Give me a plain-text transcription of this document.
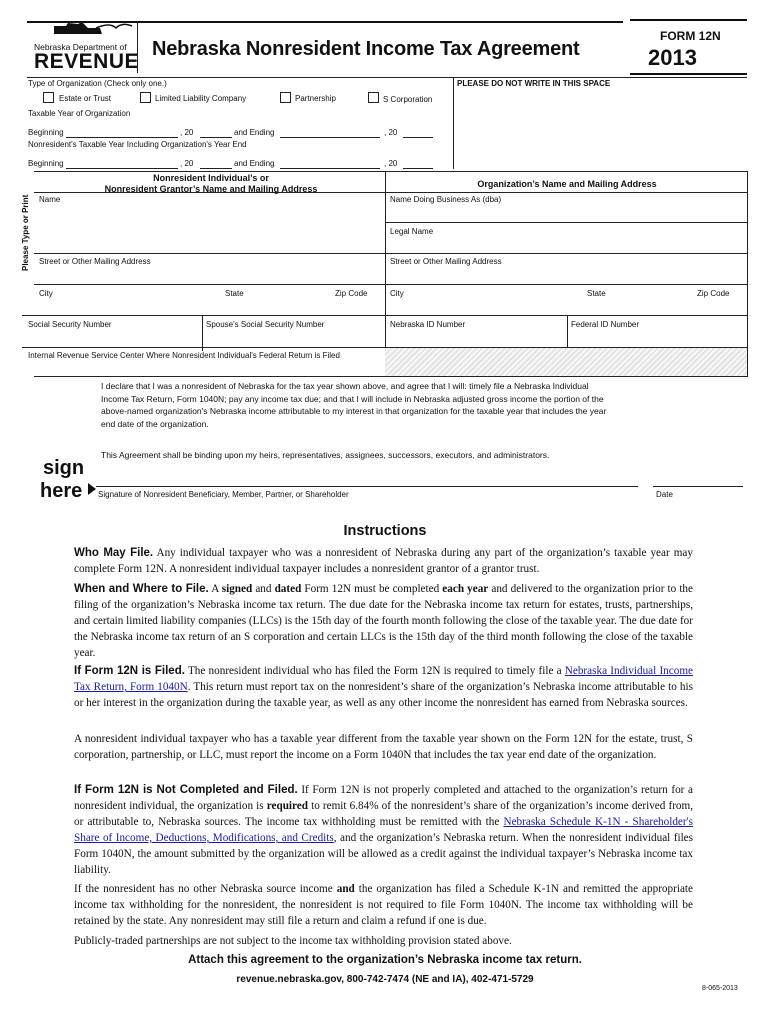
Nebraska Department of
REVENUE
Nebraska Nonresident Income Tax Agreement
FORM 12N
2013
Type of Organization (Check only one.)	PLEASE DO NOT WRITE IN THIS SPACE
Estate or Trust	Limited Liability Company	Partnership	S Corporation
Taxable Year of Organization
Beginning	, 20	and Ending	, 20
Nonresident's Taxable Year Including Organization's Year End
Beginning	, 20	and Ending	, 20
Please Type or Print
Nonresident Individual’s or
Nonresident Grantor’s Name and Mailing Address	Organization’s Name and Mailing Address
Name
Street or Other Mailing Address
City	State	Zip Code
Social Security Number	Spouse's Social Security Number
Internal Revenue Service Center Where Nonresident Individual's Federal Return is Filed
Name Doing Business As (dba)
Legal Name
Street or Other Mailing Address
City	State	Zip Code
Nebraska ID Number	Federal ID Number
I declare that I was a nonresident of Nebraska for the tax year shown above, and agree that I will: timely file a Nebraska Individual
Income Tax Return, Form 1040N; pay any income tax due; and that I will include in Nebraska adjusted gross income the portion of the
above-named organization's Nebraska income attributable to my interest in that organization for the taxable year that includes the year
end date of the organization.
This Agreement shall be binding upon my heirs, representatives, assignees, successors, executors, and administrators.
sign
here Signature of Nonresident Beneficiary, Member, Partner, or Shareholder	Date
Instructions
Who May File. Any individual taxpayer who was a nonresident of Nebraska during any part of the organization’s taxable year may complete Form 12N. A nonresident individual taxpayer includes a nonresident grantor of a grantor trust.
When and Where to File. A signed and dated Form 12N must be completed each year and delivered to the organization prior to the filing of the organization’s Nebraska income tax return. The due date for the Nebraska income tax return for estates, trusts, partnerships, and certain limited liability companies (LLCs) is the 15th day of the fourth month following the close of the taxable year. The due date for the Nebraska income tax return of an S corporation and certain LLCs is the 15th day of the third month following the close of the taxable year.
If Form 12N is Filed. The nonresident individual who has filed the Form 12N is required to timely file a Nebraska Individual Income Tax Return, Form 1040N. This return must report tax on the nonresident’s share of the organization’s Nebraska income attributable to his or her interest in the organization during the taxable year, as well as any other income the nonresident has earned from Nebraska sources.
A nonresident individual taxpayer who has a taxable year different from the taxable year shown on the Form 12N for the estate, trust, S corporation, partnership, or LLC, must report the income on a Form 1040N that includes the tax year end date of the organization.
If Form 12N is Not Completed and Filed. If Form 12N is not properly completed and attached to the organization’s return for a nonresident individual, the organization is required to remit 6.84% of the nonresident’s share of the organization’s income derived from, or attributable to, Nebraska sources. The income tax withholding must be remitted with the Nebraska Schedule K-1N - Shareholder's Share of Income, Deductions, Modifications, and Credits, and the organization’s Nebraska return. When the nonresident individual files Form 1040N, the amount submitted by the organization will be allowed as a credit against the individual taxpayer’s Nebraska income tax liability.
If the nonresident has no other Nebraska source income and the organization has filed a Schedule K-1N and remitted the appropriate income tax withholding for the nonresident, the nonresident is not required to file Form 1040N. The income tax withholding will be retained by the state. Any nonresident may still file a return and claim a refund if one is due.
Publicly-traded partnerships are not subject to the income tax withholding provision stated above.
Attach this agreement to the organization’s Nebraska income tax return.
revenue.nebraska.gov, 800-742-7474 (NE and IA), 402-471-5729
8-065-2013
